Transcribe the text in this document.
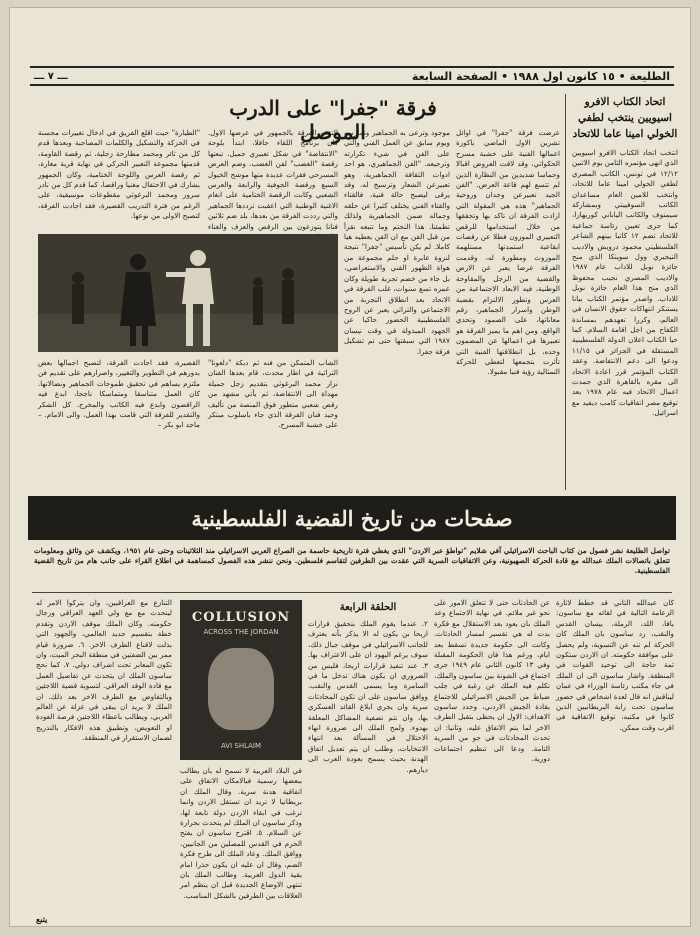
الطليعة • ١٥ كانون اول ١٩٨٨ • الصفحة السابعة
ـــ ٧ ـــ
اتحاد الكتاب الافرو اسيويين ينتخب لطفي الخولي امينا عاما للاتحاد
انتخب اتحاد الكتاب الافرو اسيويين الذي انهى مؤتمره الثامن يوم الاثنين ١٢/١٢ في تونس، الكاتب المصري لطفي الخولي امينا عاما للاتحاد، وانتخب للامين العام مساعدان الكاتب السوفييتي وبمشاركة سيمنوف والكاتب الياباني كوريهارا، كما جرى تعيين رئاسة جماعية للاتحاد تضم ١٢ كاتبا بينهم الشاعر الفلسطيني محمود درويش والاديب النيجيري وول سوينكا الذي منح جائزة نوبل للاداب عام ١٩٨٧ والاديب المصري نجيب محفوظ الذي منح هذا العام جائزة نوبل للاداب. واصدر مؤتمر الكتاب بيانا يستنكر انتهاكات حقوق الانسان في العالم، وكررا تعهدهم بمساندة الكفاح من اجل اقامة السلام. كما حيا الكتاب اعلان الدولة الفلسطينية المستقلة في الجزائر في ١١/١٥ ودعوا الى دعم الانتفاضة. وعقد الكتاب المؤتمر قرر اعادة الاتحاد الى مقره بالقاهرة الذي جمدت اعمال الاتحاد فيه عام ١٩٧٨ بعد توقيع مصر اتفاقيات كامب ديفيد مع اسرائيل.
فرقة "جفرا" على الدرب الموصل	عرضت فرقة "جفرا" في اوائل تشرين الاول الماضي باكورة اعمالها الفنية على خشبة مسرح الحكواتي، وقد لاقت العروض اقبالا وحماسا شديدين من النظارة الذين لم تتسع لهم قاعة العرض. "الفن الجيد تعبيرعن وجدان وروحية الجماهير" هذه هي المقولة التي ارادت الفرقة ان تاكد بها وتحققها من خلال استخدامها للرقص التعبيري الموزون فطلا عن رقصات ايقاعية استمدتها مستلهمة الموروث ومطورة له، وقدمت الفرقة عرضا يعبر عن الارض والقضية من الرجل والمقاوحة الوطنية، فيه الابعاد الاجتماعية من العرس وتطور الالتزام بقضية الوطن واسرار الجماهير، رقم معاناتها، على الصمود وتحدي الواقع. ومن اهم ما يميز الفرقة هو تعبيرها في اعمالها عن المضمون وحده، بل انطلاقتها الفنية التي تأثرت بتجمعها لتعطي للحركة التمثالية رؤية فنيا مقبولا.
موجود وترعى به الجماهير وتمارسه ويوم سابق عن العمل الفني والتي على الفن في شيء تكرارته وترجيعه. "الفن الجماهيري، هو احد ادوات الثقافة الجماهيرية، وهو تعبيرعن الشعار وترسيخ له، وقد يرقى ليصبح حالة فنية، فالقتاء والقتاء الفني يختلف كثيرا عن حلقه وجماله ضمن الجماهيرية ولذلك تطمئنا. هذا التحتم وما تتبعه نقرأ من قبل الفن مع ان الفن يعطيه هيا كاملا. لم يكن تأسيس "جفرا" نتيجة لنزوة عابرة او حلم مجموعة من هواة الظهور الفني والاستعراضي، بل جاء من خضم تجربة طويلة وكان عمره تسع سنوات، غلب الفرقة في الاتحاد بعد انطلاق التجربة من الاجتماعي والتراثي يعبر عن الروح الفلسطينية الحضور حاكيا عن الجهود المبذولة في وقت نيسان ١٩٨٧ التي سبقتها حتى تم تشكيل فرقة جفرا.
التقت الفرقة بالجمهور في عرضها الاول. كان برنامج اللقاء حافلا، ابتدأ بلوحة "الانتفاضة" في شكل تعبيري جميل، تبعتها رقصة "الغضب" لفن الغضب. وضم العرض المسرحي فقرات عديدة منها موشح الخيول السبع ورقصة الجوفية والرابعة والعرس الشعبي وكانت الرقصة الختامية على انغام الاغنية الوطنية التي اعقبت ترددها الجماهير والتي رددت الفرقة من بعدها، بلد ضم ثلاثين فنانا يتوزعون بين الرقص والعزف والغناء
"الطيارة" حيث اقلع الفريق في ادخال تغييرات محسنة في الحركة والتشكيل والكلمات المصاحبة وبعدها قدم كل من ثائر ومحمد مطارحة زجلية، ثم رقصة القاومة، قدمتها مجموعة التعبير الحركي في نهاية قرية مغارة، ثم رقصة العرس واللوحة الختامية، وكان الجمهور يشارك في الاحتفال مغنيا وراقصا، كما قدم كل من نادر سرور ومحمد البرغوثي مقطوعات موسيقية، على الرغم من فترة التدريب القصيرة، فقد اجادت الفرقة، لتصبح الاولى من نوعها.
الشاب المتمكن من فنه ثم دبكة "دلعونا" التراثية في اطار محدث، قام بعدها الفنان نزار محمد البرغوثي بتقديم زجل جميلة مهداة الى الانتفاضة، ثم يأتي مشهد من رقص شعبي متطور فوق المنصة من تأليف وحيد فنان الفرقة الذي جاء باسلوب مبتكر على خشبة المسرح.
القصيرة، فقد اجادت الفرقة، لتصبح اجمالها بعض بدورهم في التطوير والتغيير، واصرارهم على تقديم فن ملتزم يساهم في تحقيق طموحات الجماهير ونضالاتها. كان العمل متناسقا ومتماسكا ناجحا، ابدع فيه الراقصون وابدع فيه الكاتب والمخرج. كل الشكر والتقدير للفرقة التي قامت بهذا العمل، والى الامام. – ماجد ابو بكر –
صفحات من تاريخ القضية الفلسطينية
تواصل الطليعة نشر فصول من كتاب الباحث الاسرائيلي آفي شلايم "تواطؤ عبر الاردن" الذي يغطي فترة تاريخية حاسمة من الصراع العربي الاسرائيلي منذ الثلاثينات وحتى عام ١٩٥١، ويكشف عن وثائق ومعلومات تتعلق باتصالات الملك عبدالله مع قادة الحركة الصهيونية، وعن الاتفاقيات السرية التي عقدت بين الطرفين لتقاسم فلسطين. ونحن ننشر هذه الفصول كمساهمة في اطلاع القراء على جانب هام من تاريخ القضية الفلسطينية.
كان عبدالله الثاني قد خطط لاثارة الزعامة التالية في لقائه مع ساسون: يافا، اللد، الرملة، بيسان القدس والنقب، رد ساسون بان الملك كان الحركة لم تنه عن التسوية، ولم يحصل على موافقة حكومته. ان الاردن ستكون ثمة حاجة الى توحيد القوات في المنطقة. واشار ساسون الى ان الملك في جاء مكتب رئاسة الوزراء في عمان ليناقش انه قال لعدة اشخاص في حضور ساسون تحت راية البريطانيين الذين كانوا في مكتبه، توقيع الاتفاقية في اقرب وقت ممكن.
عن الحادثات حتى لا تتعلق الامور على نحو غير ملائم. في نهاية الاجتماع وعد الملك بان يعود بعد الاستقلال مع فكرة بدت له هي تفسير لمسار الحادثات. وكانت الى حكومة جديدة تسقط بعد ايام، ورغم هذا فان الحكومة المقبلة وفي ١٣ كانون الثاني عام ١٩٤٩ جرى اجتماع في الشونة بين ساسون والملك، تكلم فيه الملك عن رغبة في جلب ضباط من الجيش الاسرائيلي للاجتماع بقادة الجيش الاردني، وحدد ساسون الاهداف: الاول ان يحظى بتقبل الطرف الاخر لما يتم الاتفاق عليه. وثانيا: ان تحدث المحادثات في جو من السرية التامة. ودعا الى تنظيم اجتماعات دورية.
الحلقة الرابعة
٢. عندما يقوم الملك بتحقيق قرارات اريحا بن يكون له الا يذكر بأنه يعترف للجانب الاسرائيلي في موقف جبال ذلك، سوف يرغم اليهود ان على الاعتراف بها. ٣. عند تنفيذ قرارات اريحا، فليس من الضروري ان يكون هناك تدخل ما في السامرة وما يسمى القدس والنقب. ووافق ساسون على ان تكون المحادثات سرية وان يجري ابلاغ القائد العسكري بها، وان تتم تصفية المشاكل المعلقة بهدوء. ولمح الملك الى ضرورة انهاء الاحتلال في المسألة بعد انتهاء الانتخابات، وطلب ان يتم تعديل اتفاق الهدنة بحيث يسمح بعودة العرب الى ديارهم.
COLLUSION
ACROSS THE JORDAN
AVI SHLAIM
في البلاد العربية لا تسمح له بان يطالب ببعضها رسمية فبالامكان الاتفاق على اتفاقية هدنة سرية. وقال الملك ان بريطانيا لا تريد ان تستقل الاردن وانما ترغب في ابقاء الاردن دولة تابعة لها، وذكر ساسون ان الملك لم يتحدث بحرارة عن السلام. ٥. اقترح ساسون ان يفتح الحرم في القدس للمصلين من الجانبين، ووافق الملك. وعاد الملك الى طرح فكرة الضم، وقال ان عليه ان يكون حذرا امام بقية الدول العربية. وطالب الملك بان تنتهي الاوضاع الجديدة قبل ان ينظم امر العلاقات بين الطرفين بالشكل المناسب.
التنازع مع العراقيين، وان يتركوا الامر له ليتحدث مع مع ولي العهد العراقي ورجال حكومته. وكان الملك موقف الاردن وتقدم خطة بتقسيم جديد العالمي، والجهود التي بذلت لاقناع الطرف الاخر. ٦. ضرورة قيام ممر بين الضفتين في منطقة البحر الميت، وان تكون المعابر تحت اشراف دولي. ٧. كما نحج ساسون الملك ان يتحدث عن تفاصيل العمل مع قادة الوفد العراقي. لتسوية قضية اللاجئين وبالتفاوض مع الطرف الاخر بعد ذلك. ان الملك لا يريد ان يبقى في عزلة عن العالم العربي، ويطالب باعطاء اللاجئين فرصة العودة او التعويض، وتطبيق هذه الافكار بالتدريج لضمان الاستقرار في المنطقة.
يتبع
